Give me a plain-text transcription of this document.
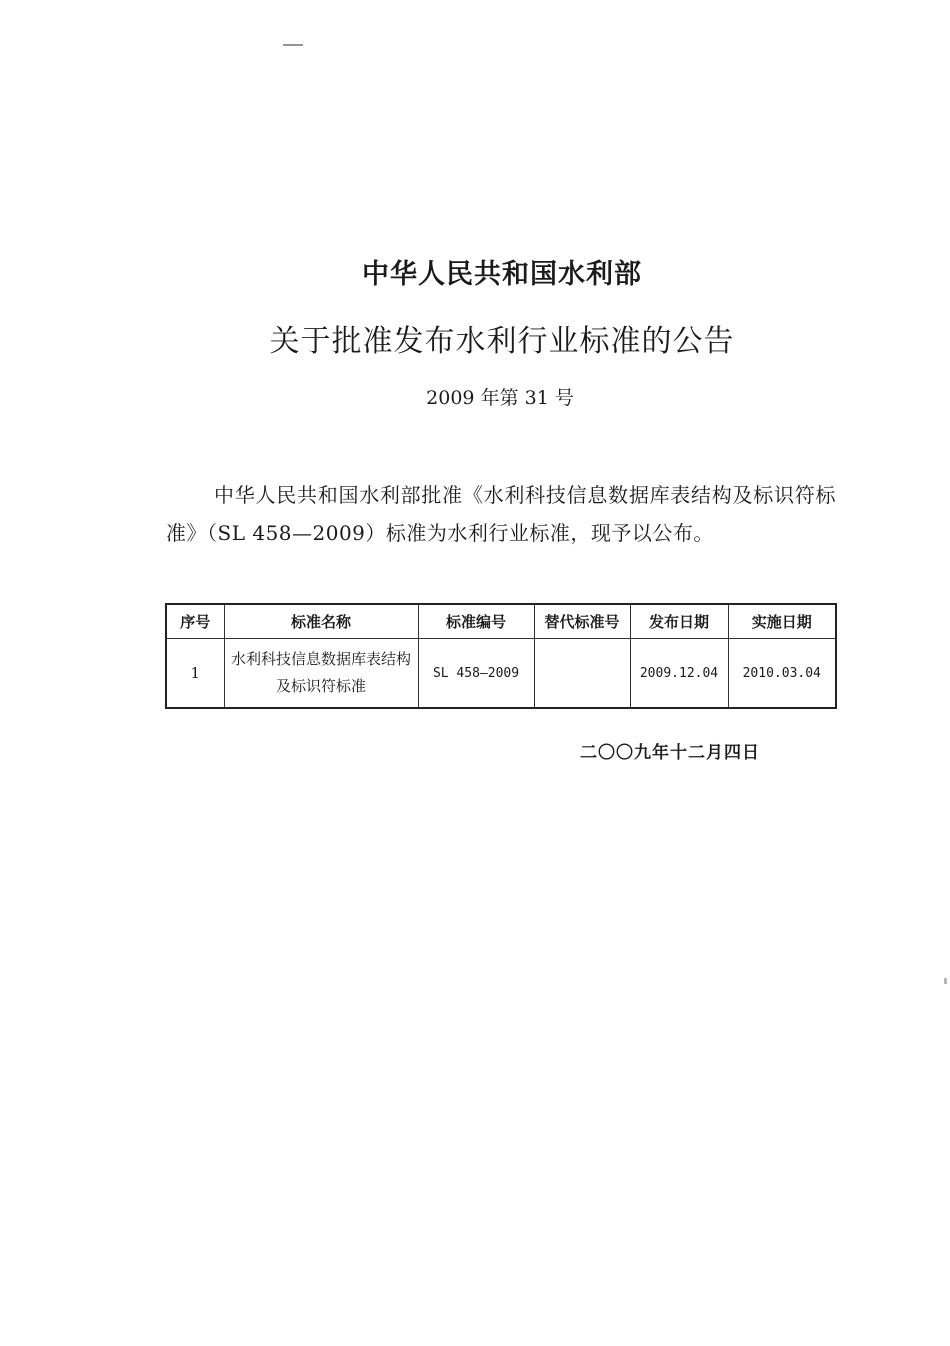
中华人民共和国水利部
关于批准发布水利行业标准的公告
2009 年第 31 号
中华人民共和国水利部批准《水利科技信息数据库表结构及标识符标准》（SL 458—2009）标准为水利行业标准，现予以公布。
序号	标准名称	标准编号	替代标准号	发布日期	实施日期
1	水利科技信息数据库表结构及标识符标准	SL 458—2009		2009.12.04	2010.03.04
二〇〇九年十二月四日
